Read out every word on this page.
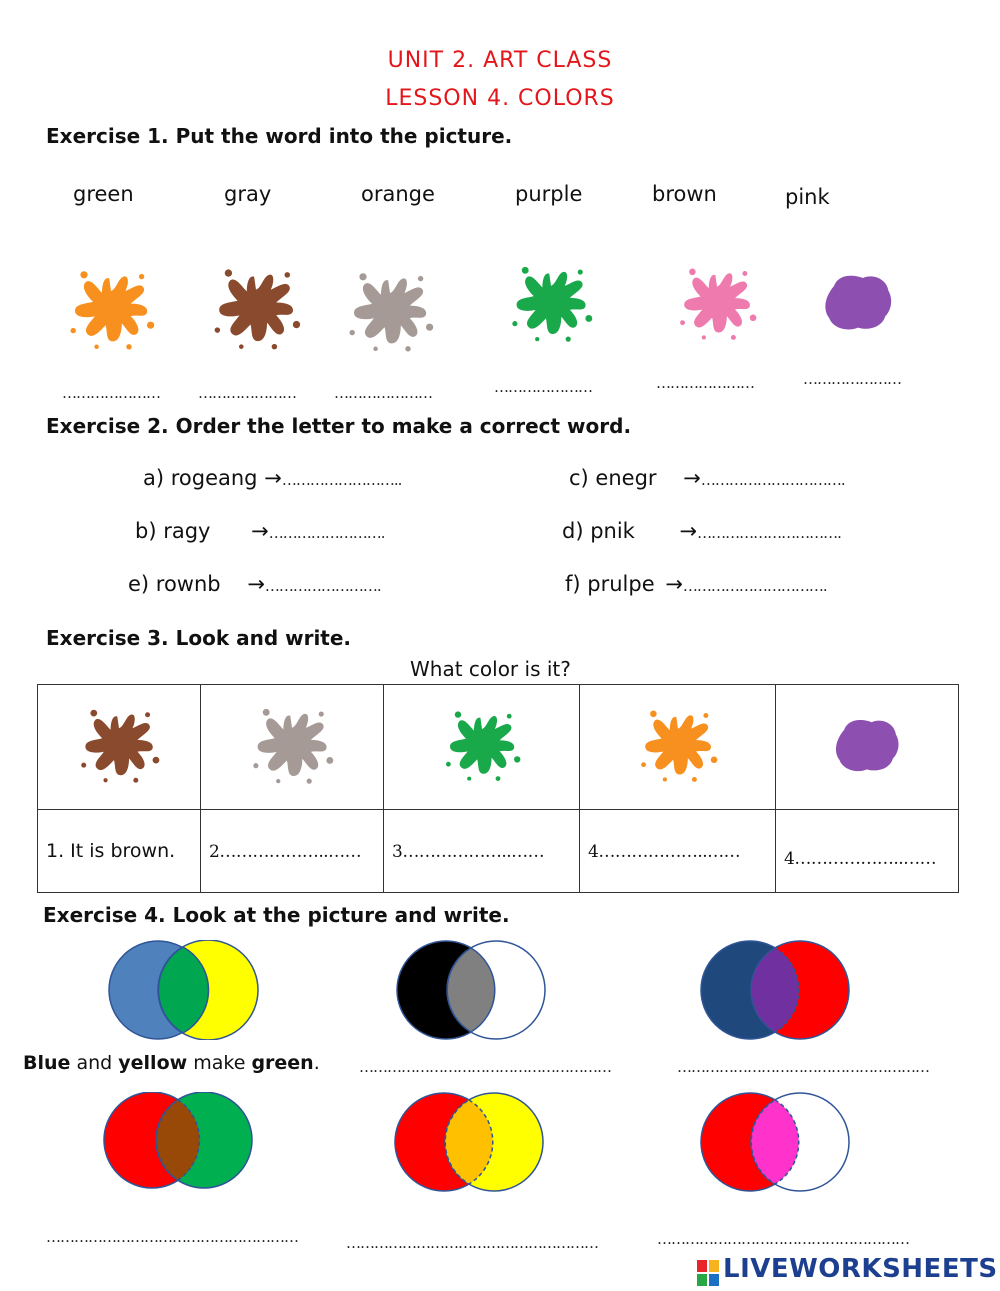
UNIT 2. ART CLASS
LESSON 4. COLORS
Exercise 1. Put the word into the picture.
green	gray	orange	purple	brown	pink
…………………	…………………	…………………	…………………	…………………	…………………
Exercise 2. Order the letter to make a correct word.
a) rogeang →……………………..
b) ragy →…………………….
e) rownb →…………………….
c) enegr →………………………….
d) pnik →………………………….
f) prulpe →………………………….
Exercise 3. Look and write.
What color is it?

1. It is brown.	2………………..……	3………………..……	4………………..……	4………………..……
Exercise 4. Look at the picture and write.
Blue and yellow make green.	………………………………………………	………………………………………………
………………………………………………	………………………………………………	………………………………………………
LIVEWORKSHEETS
